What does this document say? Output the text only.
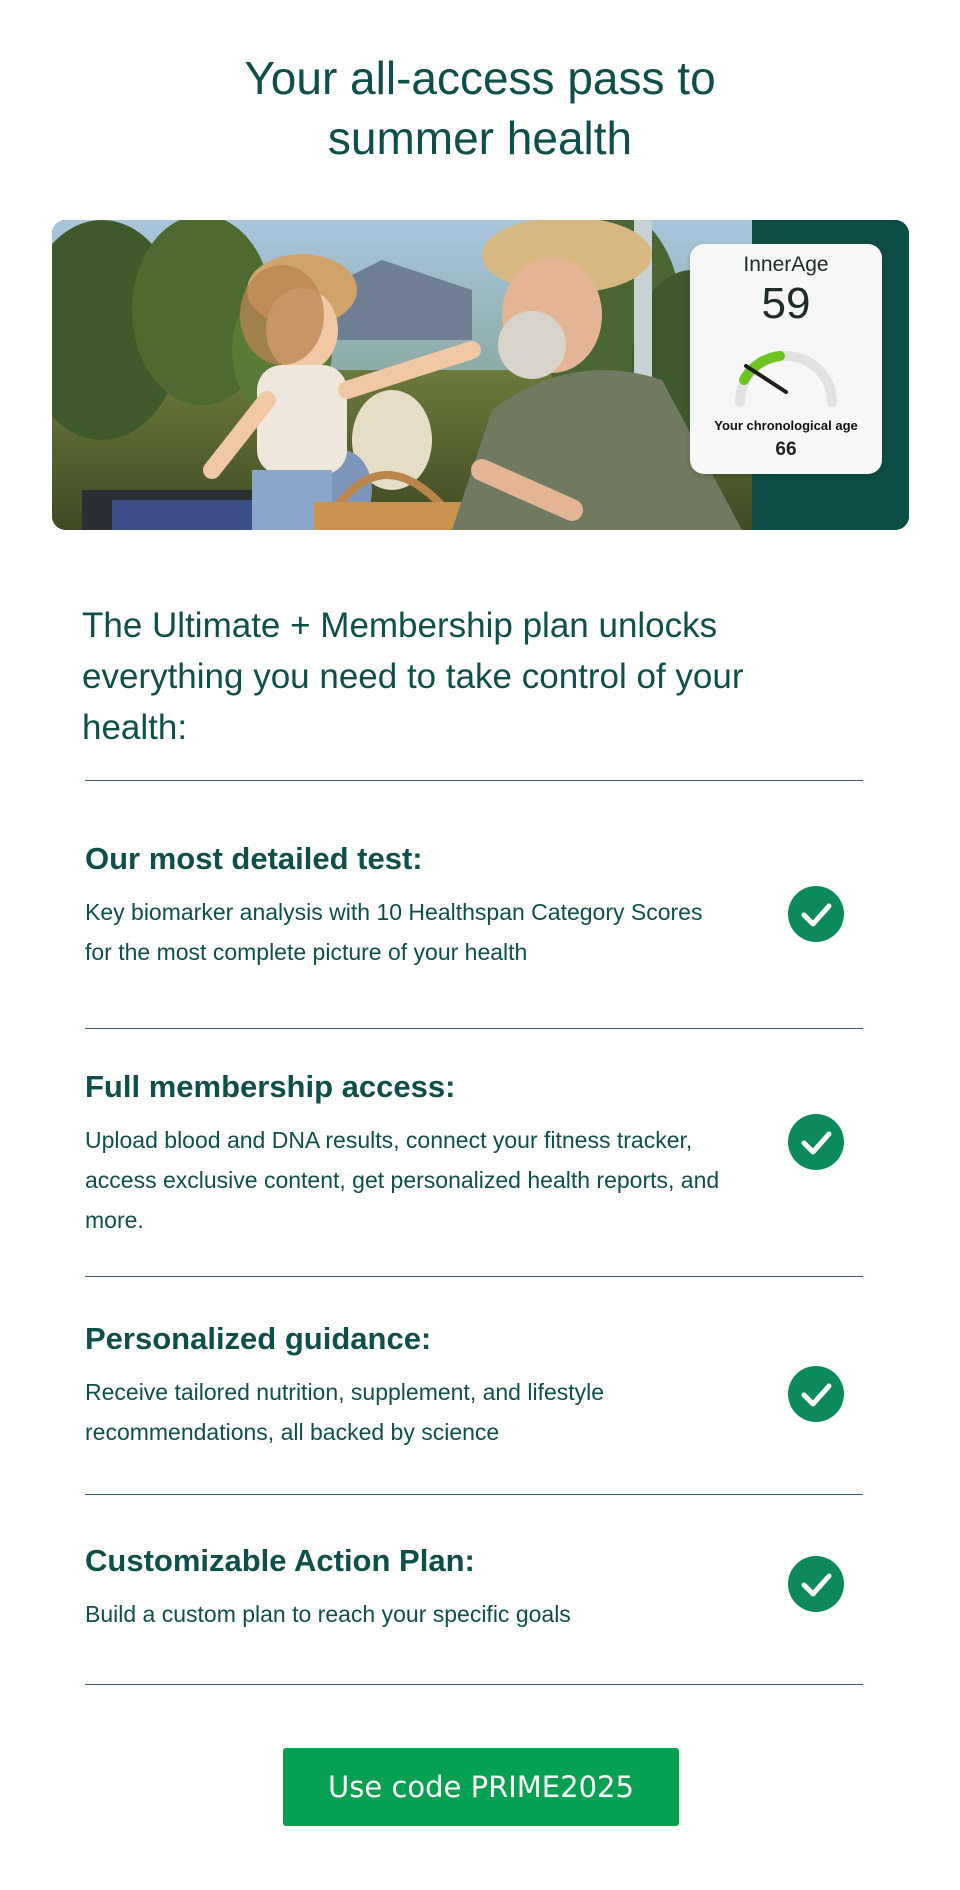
Your all-access pass to
summer health
InnerAge
59
Your chronological age
66
The Ultimate + Membership plan unlocks everything you need to take control of your health:
Our most detailed test:

Key biomarker analysis with 10 Healthspan Category Scores for the most complete picture of your health

Full membership access:

Upload blood and DNA results, connect your fitness tracker, access exclusive content, get personalized health reports, and more.

Personalized guidance:

Receive tailored nutrition, supplement, and lifestyle recommendations, all backed by science

Customizable Action Plan:

Build a custom plan to reach your specific goals

Use code PRIME2025
